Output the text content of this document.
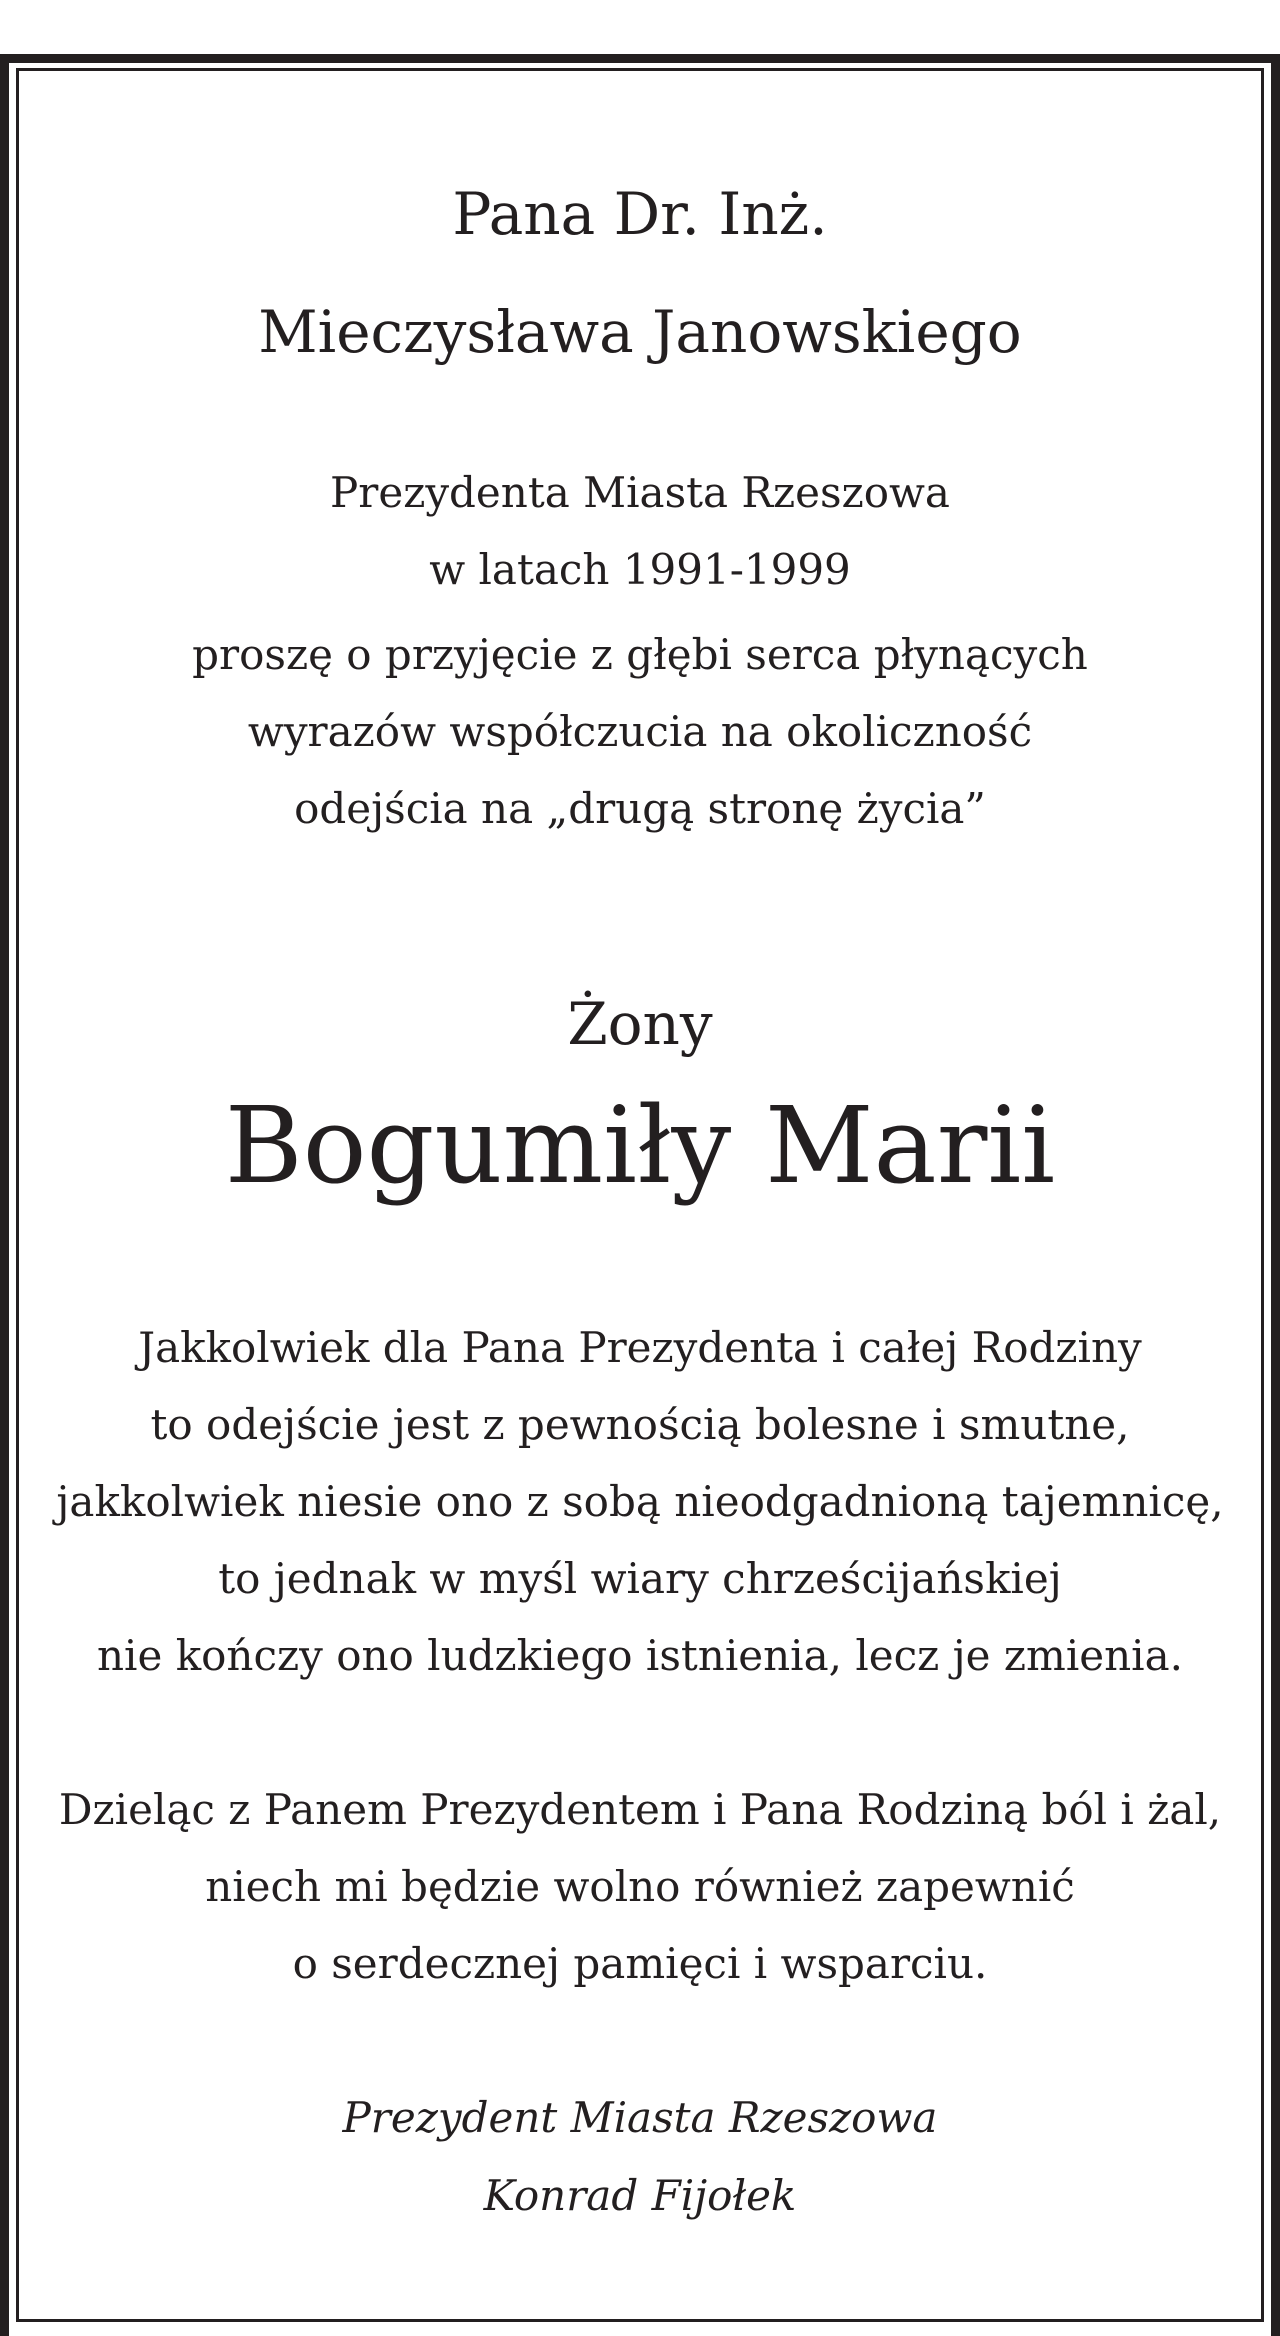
Pana Dr. Inż.
Mieczysława Janowskiego
Prezydenta Miasta Rzeszowa
w latach 1991-1999
proszę o przyjęcie z głębi serca płynących
wyrazów współczucia na okoliczność
odejścia na „drugą stronę życia”
Żony
Bogumiły Marii
Jakkolwiek dla Pana Prezydenta i całej Rodziny
to odejście jest z pewnością bolesne i smutne,
jakkolwiek niesie ono z sobą nieodgadnioną tajemnicę,
to jednak w myśl wiary chrześcijańskiej
nie kończy ono ludzkiego istnienia, lecz je zmienia.
Dzieląc z Panem Prezydentem i Pana Rodziną ból i żal,
niech mi będzie wolno również zapewnić
o serdecznej pamięci i wsparciu.
Prezydent Miasta Rzeszowa
Konrad Fijołek
